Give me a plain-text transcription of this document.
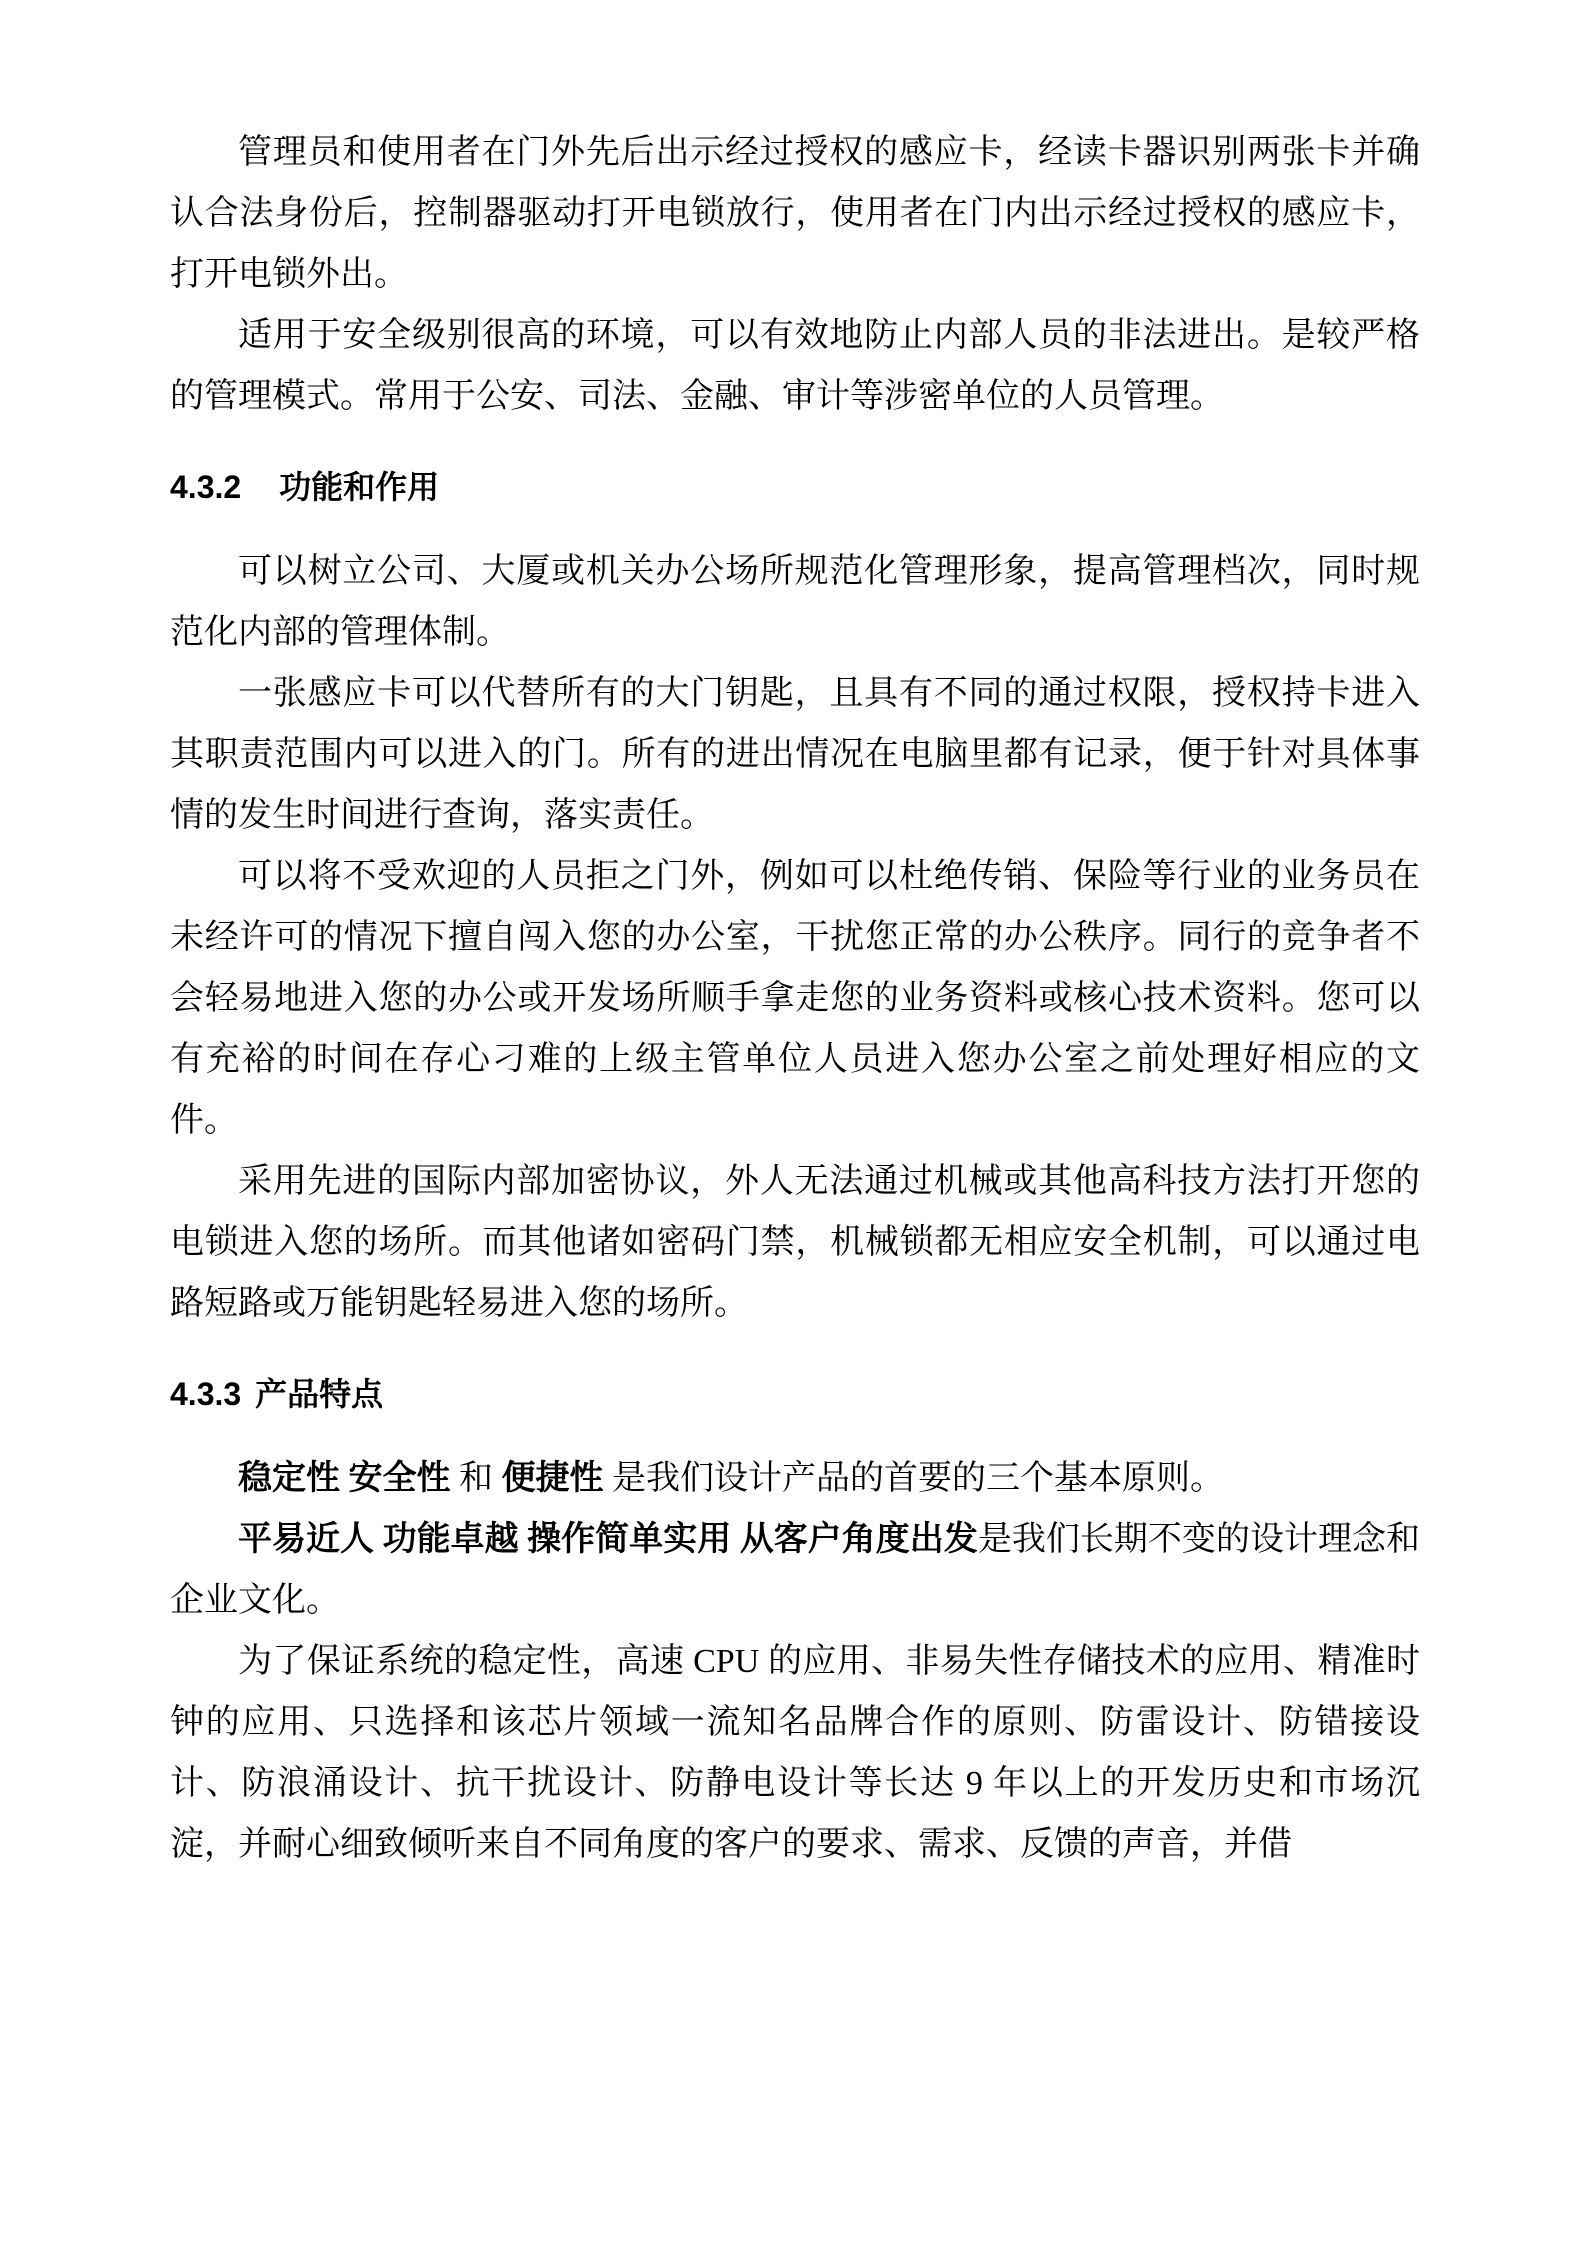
管理员和使用者在门外先后出示经过授权的感应卡，经读卡器识别两张卡并确认合法身份后，控制器驱动打开电锁放行，使用者在门内出示经过授权的感应卡，打开电锁外出。

适用于安全级别很高的环境，可以有效地防止内部人员的非法进出。是较严格的管理模式。常用于公安、司法、金融、审计等涉密单位的人员管理。

4.3.2 功能和作用

可以树立公司、大厦或机关办公场所规范化管理形象，提高管理档次，同时规范化内部的管理体制。

一张感应卡可以代替所有的大门钥匙，且具有不同的通过权限，授权持卡进入其职责范围内可以进入的门。所有的进出情况在电脑里都有记录，便于针对具体事情的发生时间进行查询，落实责任。

可以将不受欢迎的人员拒之门外，例如可以杜绝传销、保险等行业的业务员在未经许可的情况下擅自闯入您的办公室，干扰您正常的办公秩序。同行的竞争者不会轻易地进入您的办公或开发场所顺手拿走您的业务资料或核心技术资料。您可以有充裕的时间在存心刁难的上级主管单位人员进入您办公室之前处理好相应的文件。

采用先进的国际内部加密协议，外人无法通过机械或其他高科技方法打开您的电锁进入您的场所。而其他诸如密码门禁，机械锁都无相应安全机制，可以通过电路短路或万能钥匙轻易进入您的场所。

4.3.3 产品特点

稳定性 安全性 和 便捷性 是我们设计产品的首要的三个基本原则。

平易近人 功能卓越 操作简单实用 从客户角度出发是我们长期不变的设计理念和企业文化。

为了保证系统的稳定性，高速 CPU 的应用、非易失性存储技术的应用、精准时钟的应用、只选择和该芯片领域一流知名品牌合作的原则、防雷设计、防错接设计、防浪涌设计、抗干扰设计、防静电设计等长达 9 年以上的开发历史和市场沉淀，并耐心细致倾听来自不同角度的客户的要求、需求、反馈的声音，并借
